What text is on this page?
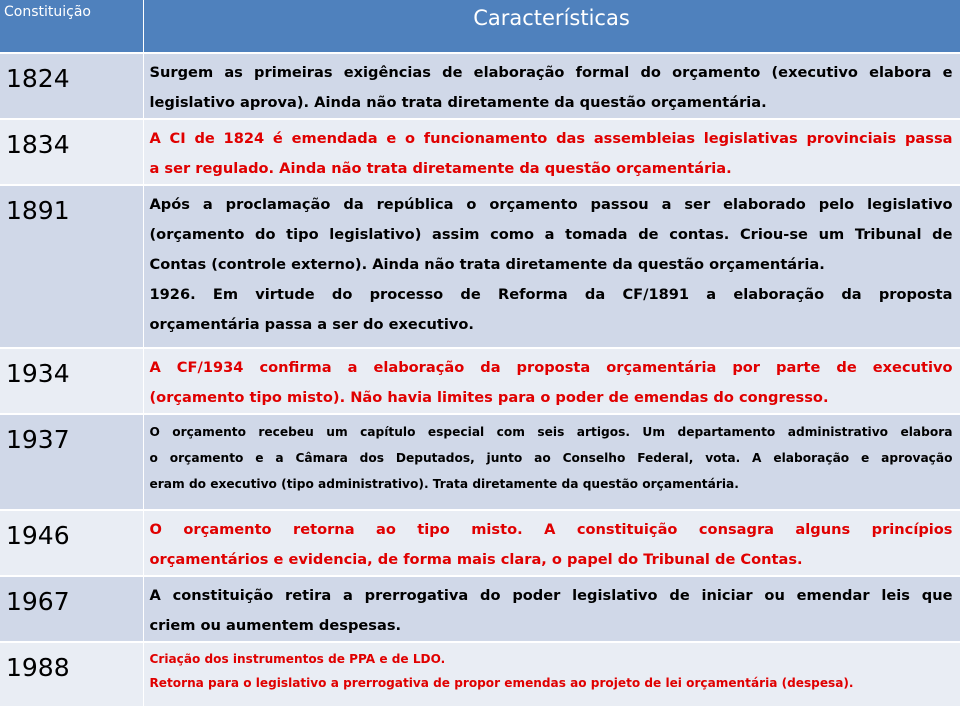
Constituição	Características
1824	Surgem as primeiras exigências de elaboração formal do orçamento (executivo elabora e
legislativo aprova). Ainda não trata diretamente da questão orçamentária.

1834	A CI de 1824 é emendada e o funcionamento das assembleias legislativas provinciais passa
a ser regulado. Ainda não trata diretamente da questão orçamentária.

1891	Após a proclamação da república o orçamento passou a ser elaborado pelo legislativo
(orçamento do tipo legislativo) assim como a tomada de contas. Criou-se um Tribunal de
Contas (controle externo). Ainda não trata diretamente da questão orçamentária.
1926. Em virtude do processo de Reforma da CF/1891 a elaboração da proposta
orçamentária passa a ser do executivo.

1934	A CF/1934 confirma a elaboração da proposta orçamentária por parte de executivo
(orçamento tipo misto). Não havia limites para o poder de emendas do congresso.

1937	O orçamento recebeu um capítulo especial com seis artigos. Um departamento administrativo elabora
o orçamento e a Câmara dos Deputados, junto ao Conselho Federal, vota. A elaboração e aprovação
eram do executivo (tipo administrativo). Trata diretamente da questão orçamentária.

1946	O orçamento retorna ao tipo misto. A constituição consagra alguns princípios
orçamentários e evidencia, de forma mais clara, o papel do Tribunal de Contas.

1967	A constituição retira a prerrogativa do poder legislativo de iniciar ou emendar leis que
criem ou aumentem despesas.

1988	Criação dos instrumentos de PPA e de LDO.
Retorna para o legislativo a prerrogativa de propor emendas ao projeto de lei orçamentária (despesa).
